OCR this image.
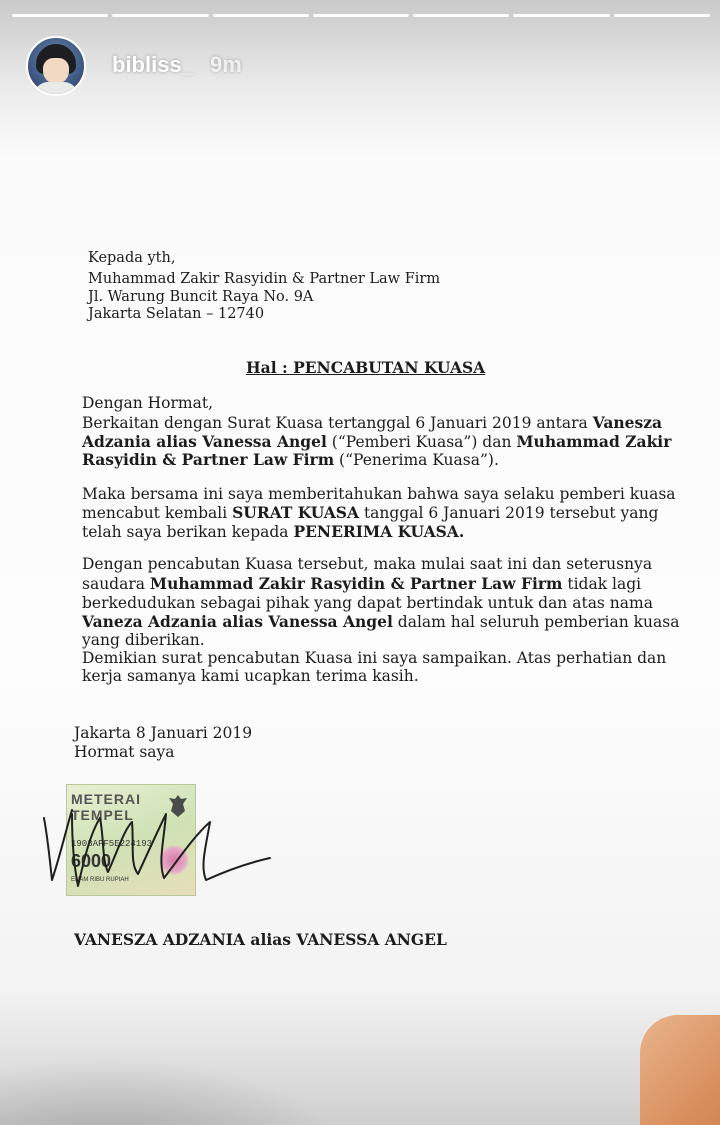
bibliss_ 9m
Kepada yth,
Muhammad Zakir Rasyidin & Partner Law Firm
Jl. Warung Buncit Raya No. 9A
Jakarta Selatan – 12740
Hal : PENCABUTAN KUASA
Dengan Hormat,
Berkaitan dengan Surat Kuasa tertanggal 6 Januari 2019 antara Vanesza
Adzania alias Vanessa Angel (“Pemberi Kuasa”) dan Muhammad Zakir
Rasyidin & Partner Law Firm (“Penerima Kuasa”).
Maka bersama ini saya memberitahukan bahwa saya selaku pemberi kuasa
mencabut kembali SURAT KUASA tanggal 6 Januari 2019 tersebut yang
telah saya berikan kepada PENERIMA KUASA.
Dengan pencabutan Kuasa tersebut, maka mulai saat ini dan seterusnya
saudara Muhammad Zakir Rasyidin & Partner Law Firm tidak lagi
berkedudukan sebagai pihak yang dapat bertindak untuk dan atas nama
Vaneza Adzania alias Vanessa Angel dalam hal seluruh pemberian kuasa
yang diberikan.
Demikian surat pencabutan Kuasa ini saya sampaikan. Atas perhatian dan
kerja samanya kami ucapkan terima kasih.
Jakarta 8 Januari 2019
Hormat saya
METERAI
TEMPEL
1903AFF5E224193
6000
ENAM RIBU RUPIAH
VANESZA ADZANIA alias VANESSA ANGEL
